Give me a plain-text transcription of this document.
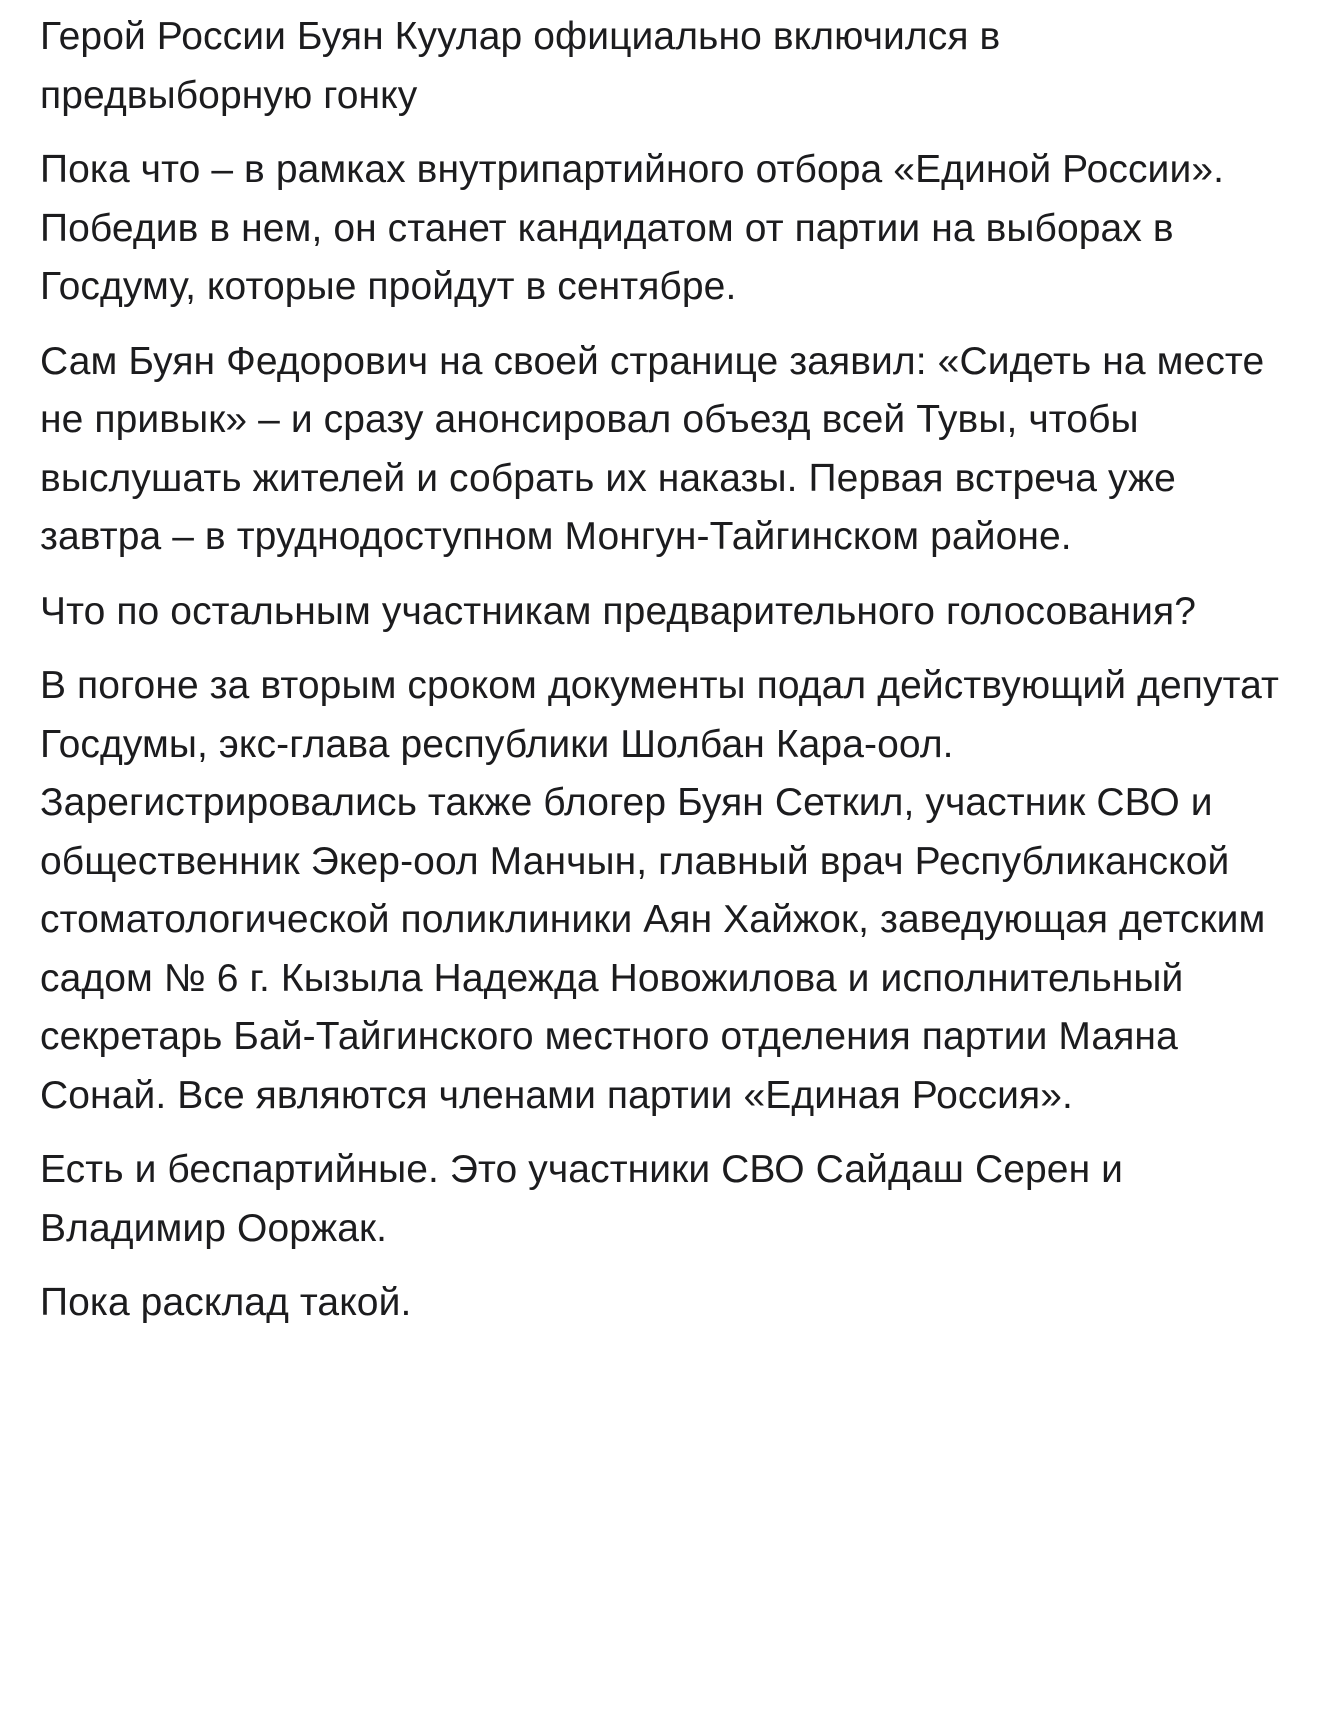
Герой России Буян Куулар официально включился в предвыборную гонку

Пока что – в рамках внутрипартийного отбора «Единой России». Победив в нем, он станет кандидатом от партии на выборах в Госдуму, которые пройдут в сентябре.

Сам Буян Федорович на своей странице заявил: «Сидеть на месте не привык» – и сразу анонсировал объезд всей Тувы, чтобы выслушать жителей и собрать их наказы. Первая встреча уже завтра – в труднодоступном Монгун-Тайгинском районе.

Что по остальным участникам предварительного голосования?

В погоне за вторым сроком документы подал действующий депутат Госдумы, экс-глава республики Шолбан Кара-оол. Зарегистрировались также блогер Буян Сеткил, участник СВО и общественник Экер-оол Манчын, главный врач Республиканской стоматологической поликлиники Аян Хайжок, заведующая детским садом № 6 г. Кызыла Надежда Новожилова и исполнительный секретарь Бай-Тайгинского местного отделения партии Маяна Сонай. Все являются членами партии «Единая Россия».

Есть и беспартийные. Это участники СВО Сайдаш Серен и Владимир Ооржак.

Пока расклад такой.
